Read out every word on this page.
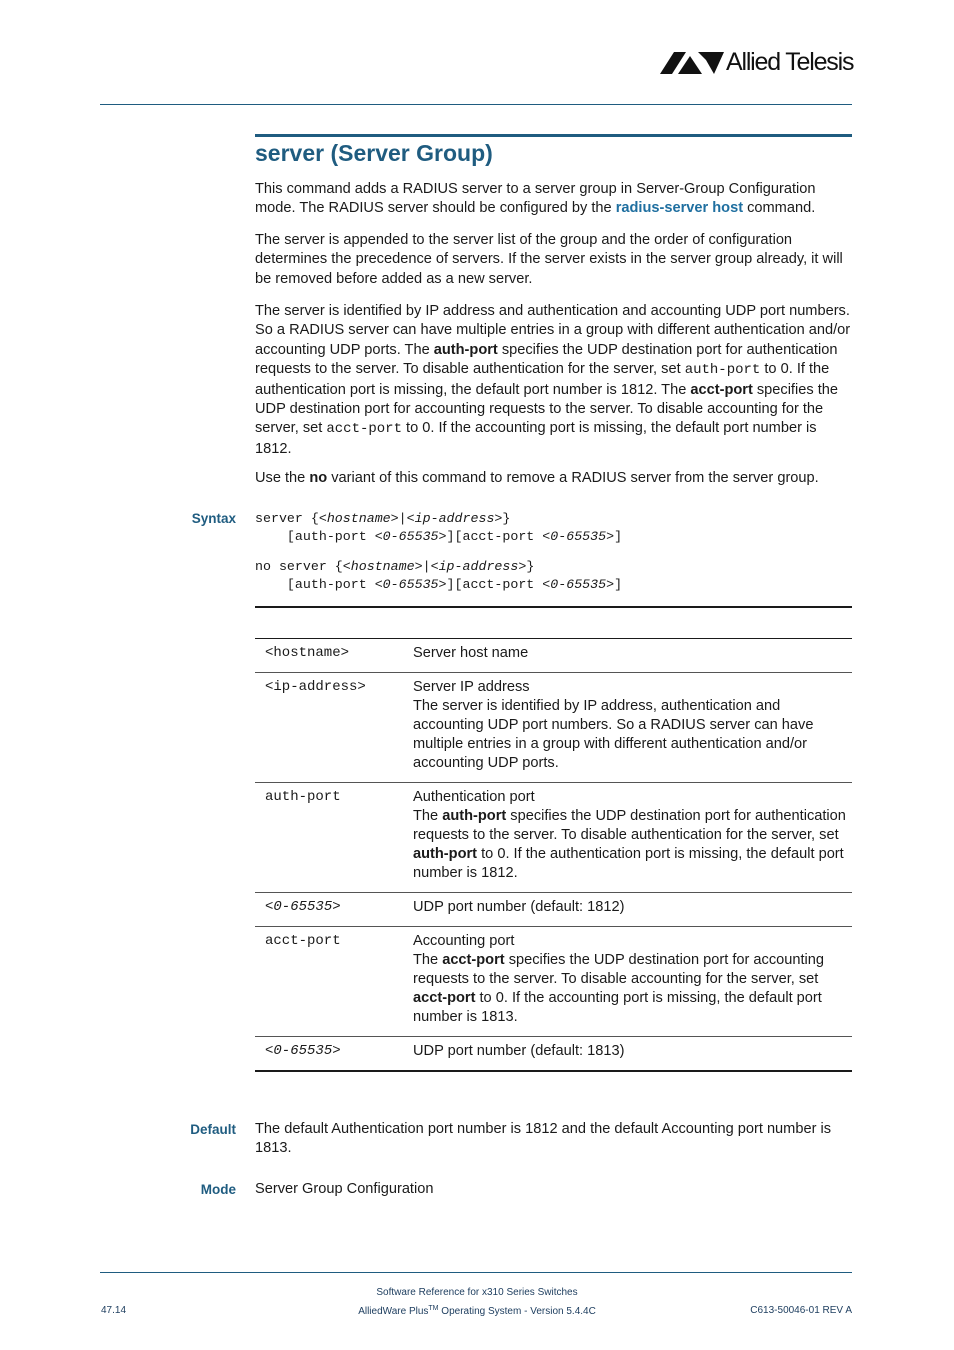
Allied Telesis
server (Server Group)

This command adds a RADIUS server to a server group in Server-Group Configuration mode. The RADIUS server should be configured by the radius-server host command.

The server is appended to the server list of the group and the order of configuration determines the precedence of servers. If the server exists in the server group already, it will be removed before added as a new server.

The server is identified by IP address and authentication and accounting UDP port numbers. So a RADIUS server can have multiple entries in a group with different authentication and/or accounting UDP ports. The auth-port specifies the UDP destination port for authentication requests to the server. To disable authentication for the server, set auth-port to 0. If the authentication port is missing, the default port number is 1812. The acct-port specifies the UDP destination port for accounting requests to the server. To disable accounting for the server, set acct-port to 0. If the accounting port is missing, the default port number is 1812.

Use the no variant of this command to remove a RADIUS server from the server group.

Syntax server {<hostname>|<ip-address>}
[auth-port <0-65535>][acct-port <0-65535>]
no server {<hostname>|<ip-address>}
[auth-port <0-65535>][acct-port <0-65535>]
<hostname>	Server host name

<ip-address>	Server IP address

The server is identified by IP address, authentication and accounting UDP port numbers. So a RADIUS server can have multiple entries in a group with different authentication and/or accounting UDP ports.

auth-port	Authentication port

The auth-port specifies the UDP destination port for authentication requests to the server. To disable authentication for the server, set
auth-port to 0. If the authentication port is missing, the default port number is 1812.

<0-65535>	UDP port number (default: 1812)

acct-port	Accounting port

The acct-port specifies the UDP destination port for accounting requests to the server. To disable accounting for the server, set acct-port to 0. If the accounting port is missing, the default port number is 1813.

<0-65535>	UDP port number (default: 1813)

Default The default Authentication port number is 1812 and the default Accounting port number is 1813.

Mode Server Group Configuration

Software Reference for x310 Series Switches
AlliedWare Plus™ Operating System - Version 5.4.4C
47.14	C613-50046-01 REV A
